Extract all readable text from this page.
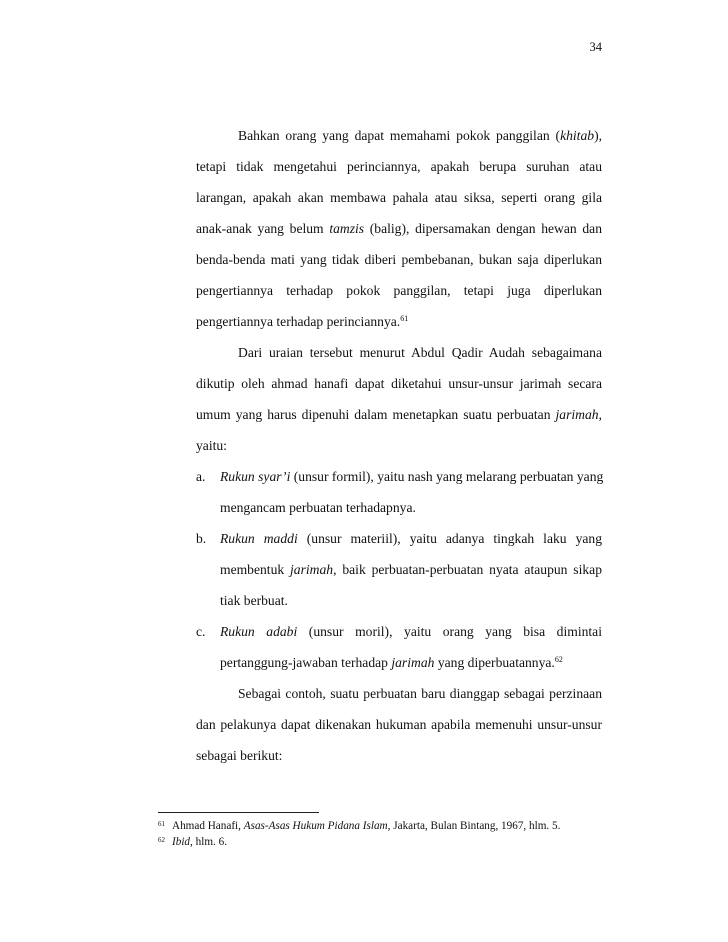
34
Bahkan orang yang dapat memahami pokok panggilan (khitab),
tetapi tidak mengetahui perinciannya, apakah berupa suruhan atau
larangan, apakah akan membawa pahala atau siksa, seperti orang gila
anak-anak yang belum tamzis (balig), dipersamakan dengan hewan dan
benda-benda mati yang tidak diberi pembebanan, bukan saja diperlukan
pengertiannya terhadap pokok panggilan, tetapi juga diperlukan
pengertiannya terhadap perinciannya.$^{61}$
Dari uraian tersebut menurut Abdul Qadir Audah sebagaimana
dikutip oleh ahmad hanafi dapat diketahui unsur-unsur jarimah secara
umum yang harus dipenuhi dalam menetapkan suatu perbuatan jarimah,
yaitu:
a. Rukun syar’i (unsur formil), yaitu nash yang melarang perbuatan yang
mengancam perbuatan terhadapnya.
b. Rukun maddi (unsur materiil), yaitu adanya tingkah laku yang
membentuk jarimah, baik perbuatan-perbuatan nyata ataupun sikap
tiak berbuat.
c. Rukun adabi (unsur moril), yaitu orang yang bisa dimintai
pertanggung-jawaban terhadap jarimah yang diperbuatannya.$^{62}$
Sebagai contoh, suatu perbuatan baru dianggap sebagai perzinaan
dan pelakunya dapat dikenakan hukuman apabila memenuhi unsur-unsur
sebagai berikut:
$^{61}$ Ahmad Hanafi, Asas-Asas Hukum Pidana Islam, Jakarta, Bulan Bintang, 1967, hlm. 5.
$^{62}$ Ibid, hlm. 6.
